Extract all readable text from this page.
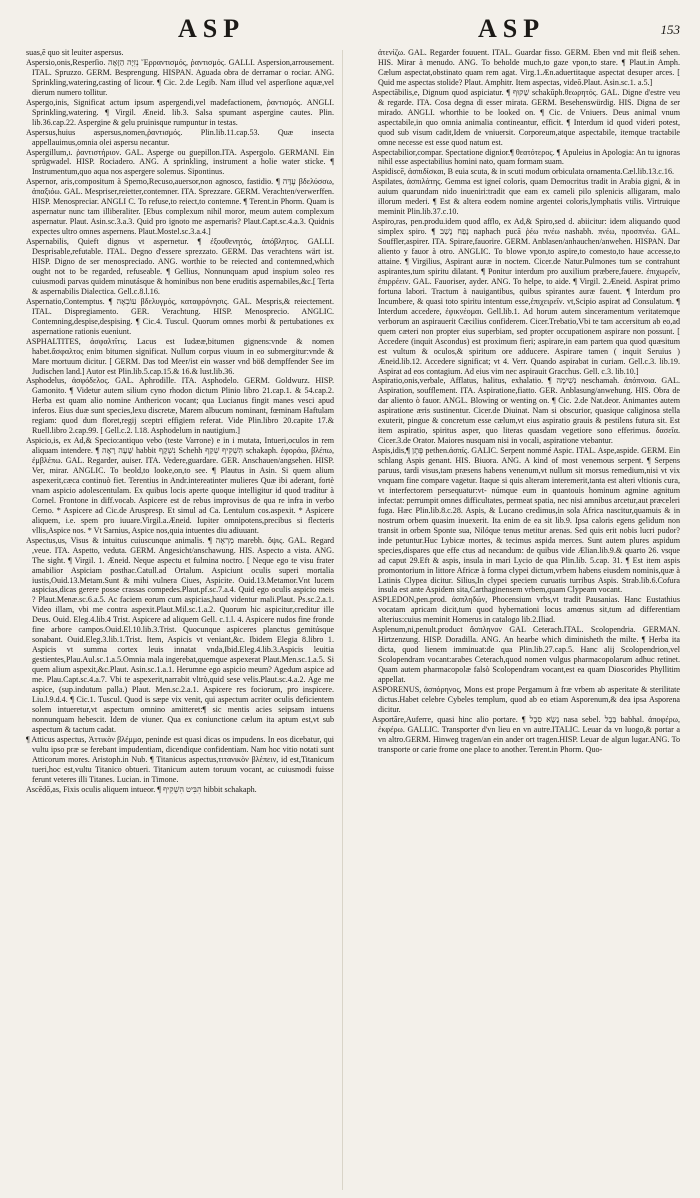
ASP	ASP	153

suas,ē quo sit leuiter aspersus.

Aspersio,onis,Resperſio. נְזִיָּה הַזָּאָה Ἔρραντισμός, ῥαντισμός. GALLI. Aspersion,arrousement. ITAL. Spruzzo. GERM. Besprengung. HISPAN. Aguada obra de derramar o rociar. ANG. Sprinkling,watering,casting of licour. ¶ Cic. 2.de Legib. Nam illud vel asperſione aquæ,vel dierum numero tollitur.

Aspergo,inis, Significat actum ipsum aspergendi,vel madefactionem, ῥαντισμός. ANGLI. Sprinkling,watering. ¶ Virgil. Æneid. lib.3. Salsa spumant aspergine cautes. Plin. lib.36.cap.22. Aspergine & gelu pruinisque rumpuntur in testas.

Aspersus,huius aspersus,nomen,ῥαντισμός. Plin.lib.11.cap.53. Quæ insecta appellauimus,omnia olei aspersu necantur.

Aspergillum,ι. ῥαντιστήριον. GAL. Asperge ou guepillon.ITA. Aspergolo. GERMANI. Ein sprügwadel. HISP. Rociadero. ANG. A sprinkling, instrument a holie water sticke. ¶ Instrumentum,quo aqua nos aspergere solemus. Sipontinus.

Aspernor, aris,compositum à Sperno,Recuso,auersor,non agnosco, fastidio. ¶ עֶדָּה βδελύσσω, ἀπαξιόω. GAL. Mespriser,reietter,contemner. ITA. Sprezzare. GERM. Verachten/verwerffen. HISP. Menospreciar. ANGLI C. To refuse,to reiect,to contemne. ¶ Terent.in Phorm. Quam is aspernatur nunc tam illiberaliter. [Ebus complexum nihil moror, meum autem complexum aspernatur. Plaut. Asin.sc.3.a.3. Quid pro ignoto me aspernaris? Plaut.Capt.sc.4.a.3. Quidnis expectes ultro omnes aspernens. Plaut.Mostel.sc.3.a.4.]

Aspernabilis, Quieft dignus vt aspernetur. ¶ ἐξουθενητός, ἀπόβλητος. GALLI. Desprisable,refutable. ITAL. Degno d'essere sprezzato. GERM. Das verachtens wärt ist. HISP. Digno de ser menospreciado. ANG. worthie to be reiected and contemned,which ought not to be regarded, refuseable. ¶ Gellius, Nonnunquam apud inspium soleo res cuiusmodi parvas quidem minutásque & hominibus non bene eruditis aspernabiles,&c.[ Terta & aspernabilis Dialectica. Gell.c.8.l.16.

Aspernatio,Contemptus. ¶ עוֹבְאָה βδελυγμός, καταφρόνησις. GAL. Mespris,& reiectement. ITAL. Dispregiamento. GER. Verachtung. HISP. Menosprecio. ANGLIC. Contemning,despise,despising. ¶ Cic.4. Tuscul. Quorum omnes morbi & pertubationes ex aspernatione rationis eueniunt.

ASPHALTITES, ἀσφαλτῖτις. Lacus est Iudææ,bitumen gignens:vnde & nomen habet.ἄσφαλτος enim bitumen significat. Nullum corpus viuum in eo submergitur:vnde & Mare mortuum dicitur. [ GERM. Das tod Meer/ist ein wasser vnd böß dempffender See im Judischen land.] Autor est Plin.lib.5.cap.15.& 16.& lust.lib.36.

Asphodelus, ἀσφόδελος. GAL. Aphrodille. ITA. Asphodelo. GERM. Goldwurz. HISP. Gamonito. ¶ Videtur autem silium cyno rhodon dictum Plinio libro 21.cap.1. & 54.cap.2. Herba est quam alio nomine Anthericon vocant; qua Lucianus fingit manes vesci apud inferos. Eius duæ sunt species,lexu discretæ, Marem albucum nominant, fœminam Haftulam regiam: quod dum floret,regij sceptri effigiem referat. Vide Plin.libro 20.capite 17.& Ruell.libro 2.cap.99. [ Gell.c.2. l.18. Asphodelum in nautigium.]

Aspicio,is, ex Ad,& Specio:antiquo vebo (teste Varrone) e in i mutata, Intueri,oculos in rem aliquam intendere. ¶ שָׁעָה רָאָה habbit נִשְׁקָף Schehh הִשְׁקִיף שְׁקַף schakaph. ἐφοράω, βλέπω, ἐμβλέπω. GAL. Regarder, auiser. ITA. Vedere,guardare. GER. Anschauen/angsehen. HISP. Ver, mirar. ANGLIC. To beold,to looke,on,to see. ¶ Plautus in Asin. Si quem alium aspexerit,cæca continuò fiet. Terentius in Andr.intereatinter mulieres Quæ ibi aderant, fortè vnam aspicio adolescentulam. Ex quibus locis aperte quoque intelligitur id quod traditur à Cornel. Frontone in diff.vocab. Aspicere est de rebus improvisus de qua re infra in verbo Cerno. * Aspicere ad Cic.de Aruspresp. Et simul ad Ca. Lentulum cos.aspexit. * Aspicere aliquem, i.e. spem pro iuuare.Virgil.a.Æneid. Iupiter omnipotens,precibus si flecteris vllis,Aspice nos. * Vt Sarnius, Aspice nos,quia intuentes diu adiuuant.

Aspectus,us, Visus & intuitus cuiuscunque animalis. ¶ מַרְאֶה marebh. ὄψις. GAL. Regard ,veue. ITA. Aspetto, veduta. GERM. Angesicht/anschawung. HIS. Aspecto a vista. ANG. The sight. ¶ Virgil. 1. Æneid. Neque aspectu et fulmina noctro. [ Neque ego te visu frater amabilior Aspiciam posthac.Catull.ad Ortalum. Aspiciunt oculis superi mortalia iustis,Ouid.13.Metam.Sunt & mihi vulnera Ciues, Aspicite. Ouid.13.Metamor.Vnt lucem aspicias,dicas gerere posse crassas compedes.Plaut.pf.sc.7.a.4. Quid ego oculis aspicio meis ? Plaut.Menæ.sc.6.a.5. Ac faciem eorum cum aspicias,haud videntur mali.Plaut. Ps.sc.2.a.1. Video illam, vbi me contra aspexit.Plaut.Mil.sc.1.a.2. Quorum hic aspicitur,creditur ille Deus. Ouid. Eleg.4.lib.4 Trist. Aspicere ad aliquem Gell. c.1.l. 4. Aspicere nudos fine fronde fine arbore campos.Ouid.El.10.lib.3.Trist. Quocunque aspiceres planctus gemitúsque sonabant. Ouid.Eleg.3.lib.1.Trist. Item, Aspicis vt veniant,&c. Ibidem Elegia 8.libro 1. Aspicis vt summa cortex leuis innatat vnda,Ibid.Eleg.4.lib.3.Aspicis leuitia gestientes,Plau.Aul.sc.1.a.5.Omnia mala ingerebat,quemque aspexerat Plaut.Men.sc.1.a.5. Si quem alium aspexit,&c.Plaut. Asin.sc.1.a.1. Herumne ego aspicio meum? Agedum aspice ad me. Plau.Capt.sc.4.a.7. Vbi te aspexerit,narrabit vltrò,quid sese velis.Plaut.sc.4.a.2. Age me aspice, (sup.indutum palla.) Plaut. Men.sc.2.a.1. Aspicere res fociorum, pro inspicere. Liu.l.9.d.4. ¶ Cic.1. Tuscul. Quod is sæpe vix venit, qui aspectum acriter oculis deficientem solem intueretur,vt aspectum omnino amitteret:¶ sic mentis acies seipsam intuens nonnunquam hebescit. Idem de viuner. Qua ex coniunctione cælum ita aptum est,vt sub aspectum & tactum cadat.

¶ Atticus aspectus, Ἀττικὸν βλέμμα, peninde est quasi dicas os impudens. In eos dicebatur, qui vultu ipso præ se ferebant impudentiam, dicendique confidentiam. Nam hoc vitio notati sunt Atticorum mores. Aristoph.in Nub. ¶ Titanicus aspectus,τιτανικὸν βλέπειν, id est,Titanicum tueri,hoc est,vultu Titanico obtueri. Titanicum autem toruum vocant, ac cuiusmodi fuisse ferunt veteres illi Titanes. Lucian. in Timone.

Ascēdō,as, Fixis oculis aliquem intueor. ¶ הִבִּיט הִשְׁקִיף hibbit schakaph.

ἀτενίζω. GAL. Regarder fouuent. ITAL. Guardar fisso. GERM. Eben vnd mit fleiß sehen. HIS. Mirar à menudo. ANG. To beholde much,to gaze vpon,to stare. ¶ Plaut.in Amph. Cælum aspectat,obstinato quam rem agat. Virg.1.Æn.aduertitaque aspectat desuper arces. [ Quid me aspectas stolide? Plaut. Amphitr. Item aspectas, videō.Plaut. Asin.sc.1. a.5.]

Aspectābilis,e, Dignum quod aspiciatur. ¶ שָׁקוּף schakūph.θεωρητός. GAL. Digne d'estre veu & regarde. ITA. Cosa degna di esser mirata. GERM. Besehenswürdig. HIS. Digna de ser mirado. ANGLI. whorthie to be looked on. ¶ Cic. de Vniuers. Deus animal vnum aspectabile,in quo omnia animalia contineantur, efficit. ¶ Interdum id quod videri potest, quod sub visum cadit,Idem de vniuersit. Corporeum,atque aspectabile, itemque tractabile omne necesse est esse quod natum est.

Aspectabilior,compar. Spectatione dignior.¶ θεατότερος. ¶ Apuleius in Apologia: An tu ignoras nihil esse aspectabilius homini nato, quam formam suam.

Aspidiscē, ἀσπιδίσκαι, B euia scuta, & in scuti modum orbiculata ornamenta.Cæl.lib.13.c.16.

Aspilates, ἀσπιλάτης. Gemma est igneí coloris, quam Democritus tradit in Arabia gigni, & in auium quarundam nido inueniri:tradit que eam ex cameli pilo splenicis alligaram, malo illorum mederi. ¶ Est & altera eodem nomine argentei coloris,lymphatis vtilis. Virtruique meminit Plin.lib.37.c.10.

Aspiro,ras, pen.produ.idem quod afflo, ex Ad,& Spiro,sed d. abiicitur: idem aliquando quod simplex spiro. ¶ נָפַח נָשַׁב naphach pucā ῥέω πνέω nashabh. πνέω, προσπνέω. GAL. Souffler,aspirer. ITA. Spirare,fauorire. GERM. Anblasen/anhauchen/anwehen. HISPAN. Dar aliento y fauor à otro. ANGLIC. To blowe vpon,to aspire,to comesto,to haue accesse,to attaine. ¶ Virgilius, Aspirant auræ in noctem. Cicer.de Natur.Pulmones tum se contrahunt aspirantes,tum spiritu dilatant. ¶ Ponitur interdum pro auxilium præbere,fauere. ἐπιχωρεῖν, ἐπιρρέειν. GAL. Fauoriser, ayder. ANG. To helpe, to aide. ¶ Virgil. 2.Æneid. Aspirat primo fortuna labori. Tractum à nauigantibus, quibus spirantes auræ fauent. ¶ Interdum pro Incumbere, & quasi toto spiritu intentum esse,ἐπιχειρεῖν. vt,Scipio aspirat ad Consulatum. ¶ Interdum accedere, ἐφικνέομαι. Gell.lib.1. Ad horum autem sinceramentum veritatemque verborum an aspirauerit Cæcilius confiderem. Cicer.Trebatio,Vbi te tam accersitum ab eo,ad quem cæteri non propter eius superbiam, sed propter occupationem aspirare non possunt. [ Accedere (inquit Ascondus) est proximum fieri; aspirare,in eam partem qua quod quæsitum est vultum & oculos,& spiritum ore adducere. Aspirare tamen ( inquit Seruius ) Æneid.lib.12. Accedere significat; vt 4. Verr. Quando aspirabat in curiam. Gell.c.3. lib.19. Aspirat ad eos contagium. Ad eius vim nec aspirauit Gracchus. Gell. c.3. lib.10.]

Aspiratio,onis,verbale, Afflatus, halitus, exhalatio. ¶ נְשִׁימָה neschamah. ἀπόπνοια. GAL. Aspiration, soufflement. ITA. Aspiratione,fiatto. GER. Anblasung/anwehung. HIS. Obra de dar aliento ò fauor. ANGL. Blowing or wenting on. ¶ Cic. 2.de Nat.deor. Animantes autem aspiratione æris sustinentur. Cicer.de Diuinat. Nam si obscurior, quasique caliginosa stella exuterit, pingue & concretum esse cælum,vt eius aspiratio grauis & pestilens futura sit. Est item aspiratio, spiritus asper, quo literas quasdam vegetiore sono efferimus. δασεῖα. Cicer.3.de Orator. Maiores nusquam nisi in vocali, aspiratione vtebantur.

Aspis,idis,¶ פֶּתֶן pethen.ἀσπίς. GALIC. Serpent nommé Aspic. ITAL. Aspe,aspide. GERM. Ein schlang Aspis genant. HIS. Biuora. ANG. A kind of most venemous serpent. ¶ Serpens paruus, tardi visus,tam præsens habens venenum,vt nullum sit morsus remedium,nisi vt vix vnquam fine compare vagetur. Itaque si quis alteram interemerit,tanta est alteri vltionis cura, vt interfectorem persequatur:vt- númque eum in quantouis hominum agmine agnitum infectat: perrumpit omnes difficultates, permeat spatia, nec nisi amnibus arcetur,aut præceleri fuga. Hæc Plin.lib.8.c.28. Aspis, & Lucano credimus,in sola Africa nascitur,quamuis & in nostrum orbem quasim inuexerit. Ita enim de ea sit lib.9. Ipsa caloris egens gelidum non transit in orbem Sponte sua, Nilóque tenus metitur arenas. Sed quis erit nobis lucri pudor? inde petuntur.Huc Lybicæ mortes, & tecimus aspida merces. Sunt autem plures aspidum species,dispares que effe ctus ad necandum: de quibus vide Ælian.lib.9.& quarto 26. vsque ad caput 29.Eft & aspis, insula in mari Lycio de qua Plin.lib. 5.cap. 31. ¶ Est item aspis promontorium in littore Africæ à forma clypei dictum,vrbem habens eiusdem nominis,quæ à Latinis Clypea dicitur. Silius,In clypei speciem curuatis turribus Aspis. Strab.lib.6.Cofura insula est ante Aspidem sita,Carthaginensem vrbem,quam Clypeam vocant.

ASPLEDON,pen.prod. ἀσπληδών, Phocensium vrbs,vt tradit Pausanias. Hanc Eustathius vocatam apricam dicit,tum quod hybernationi locus amœnus sit,tum ad differentiam alterius:cuius meminit Homerus in catalogo lib.2.Iliad.

Asplenum,ni,penult.product ἄσπληνον GAL Ceterach.ITAL. Scolopendria. GERMAN. Hirtzenzung. HISP. Doradilla. ANG. An hearbe which diminisheth the milte. ¶ Herba ita dicta, quod lienem imminuat:de qua Plin.lib.27.cap.5. Hanc alij Scolopendrion,vel Scolopendram vocant:arabes Ceterach,quod nomen vulgus pharmacopolarum adhuc retinet. Quam autem pharmacopolæ falsò Scolopendram vocant,est ea quam Dioscorides Phyllitim appellat.

ASPORENUS, ἀσπόρηνος, Mons est prope Pergamum à fræ vrbem ab asperitate & sterilitate dictus.Habet celebre Cybeles templum, quod ab eo etiam Asporenum,& dea ipsa Asporena dicitur.

Asportāre,Auferre, quasi hinc alio portare. ¶ נָשָׂא סֵבֶל nasa sebel. בְּבָל babhal. ἀποφέρω, ἐκφέρω. GALLIC. Transporter d'vn lieu en vn autre.ITALIC. Leuar da vn luogo,& portar a vn altro.GERM. Hinweg tragen/an ein ander ort tragen.HISP. Leuar de algun lugar.ANG. To transporte or carie frome one place to another. Terent.in Phorm. Quo-
